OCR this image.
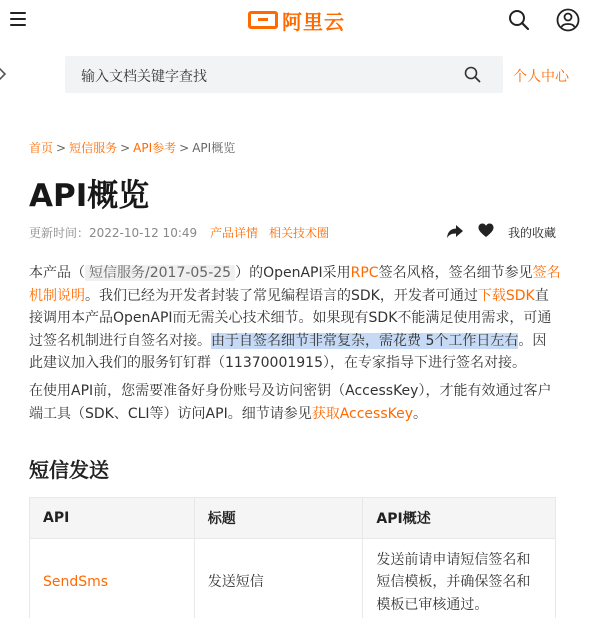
阿里云
输入文档关键字查找	个人中心
首页 > 短信服务 > API参考 > API概览
API概览
更新时间：2022-10-12 10:49 产品详情 相关技术圈	我的收藏
本产品（ 短信服务/2017-05-25 ）的OpenAPI采用RPC签名风格，签名细节参见签名
机制说明。我们已经为开发者封装了常见编程语言的SDK，开发者可通过下载SDK直
接调用本产品OpenAPI而无需关心技术细节。如果现有SDK不能满足使用需求，可通
过签名机制进行自签名对接。由于自签名细节非常复杂，需花费 5个工作日左右。因
此建议加入我们的服务钉钉群（11370001915），在专家指导下进行签名对接。
在使用API前，您需要准备好身份账号及访问密钥（AccessKey），才能有效通过客户
端工具（SDK、CLI等）访问API。细节请参见获取AccessKey。
短信发送
API	标题	API概述
SendSms	发送短信	发送前请申请短信签名和
短信模板，并确保签名和
模板已审核通过。
